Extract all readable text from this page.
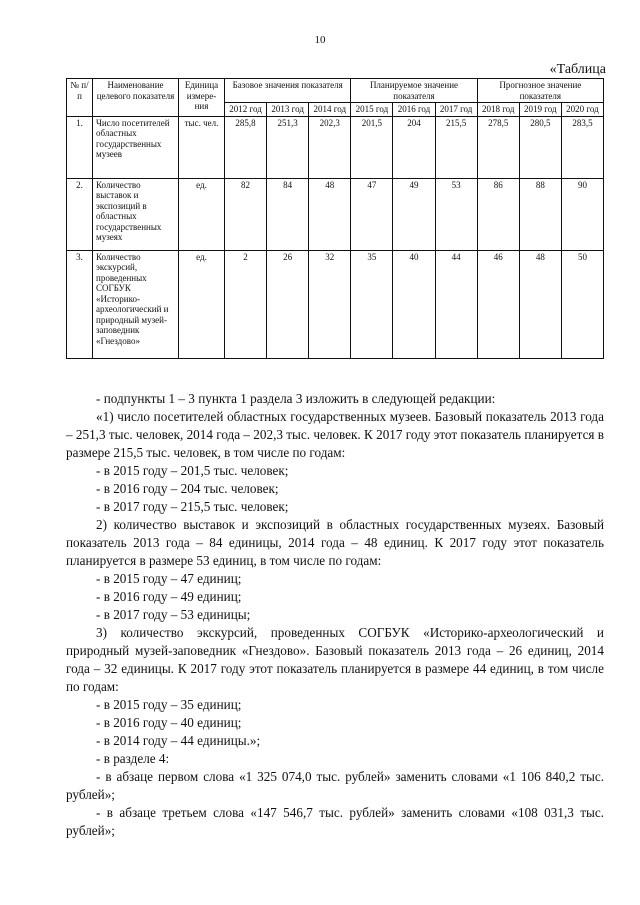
10
«Таблица
№ п/п	Наименование целевого показателя	Единица измере-ния	Базовое значения показателя			Планируемое значение показателя			Прогнозное значение показателя		
			2012 год	2013 год	2014 год	2015 год	2016 год	2017 год	2018 год	2019 год	2020 год
1.	Число посетителей областных государственных музеев	тыс. чел.	285,8	251,3	202,3	201,5	204	215,5	278,5	280,5	283,5
2.	Количество выставок и экспозиций в областных государственных музеях	ед.	82	84	48	47	49	53	86	88	90
3.	Количество экскурсий, проведенных СОГБУК «Историко-археологический и природный музей-заповедник «Гнездово»	ед.	2	26	32	35	40	44	46	48	50

- подпункты 1 – 3 пункта 1 раздела 3 изложить в следующей редакции:

«1) число посетителей областных государственных музеев. Базовый показатель 2013 года – 251,3 тыс. человек, 2014 года – 202,3 тыс. человек. К 2017 году этот показатель планируется в размере 215,5 тыс. человек, в том числе по годам:

- в 2015 году – 201,5 тыс. человек;

- в 2016 году – 204 тыс. человек;

- в 2017 году – 215,5 тыс. человек;

2) количество выставок и экспозиций в областных государственных музеях. Базовый показатель 2013 года – 84 единицы, 2014 года – 48 единиц. К 2017 году этот показатель планируется в размере 53 единиц, в том числе по годам:

- в 2015 году – 47 единиц;

- в 2016 году – 49 единиц;

- в 2017 году – 53 единицы;

3) количество экскурсий, проведенных СОГБУК «Историко-археологический и природный музей-заповедник «Гнездово». Базовый показатель 2013 года – 26 единиц, 2014 года – 32 единицы. К 2017 году этот показатель планируется в размере 44 единиц, в том числе по годам:

- в 2015 году – 35 единиц;

- в 2016 году – 40 единиц;

- в 2014 году – 44 единицы.»;

- в разделе 4:

- в абзаце первом слова «1 325 074,0 тыс. рублей» заменить словами «1 106 840,2 тыс. рублей»;

- в абзаце третьем слова «147 546,7 тыс. рублей» заменить словами «108 031,3 тыс. рублей»;
